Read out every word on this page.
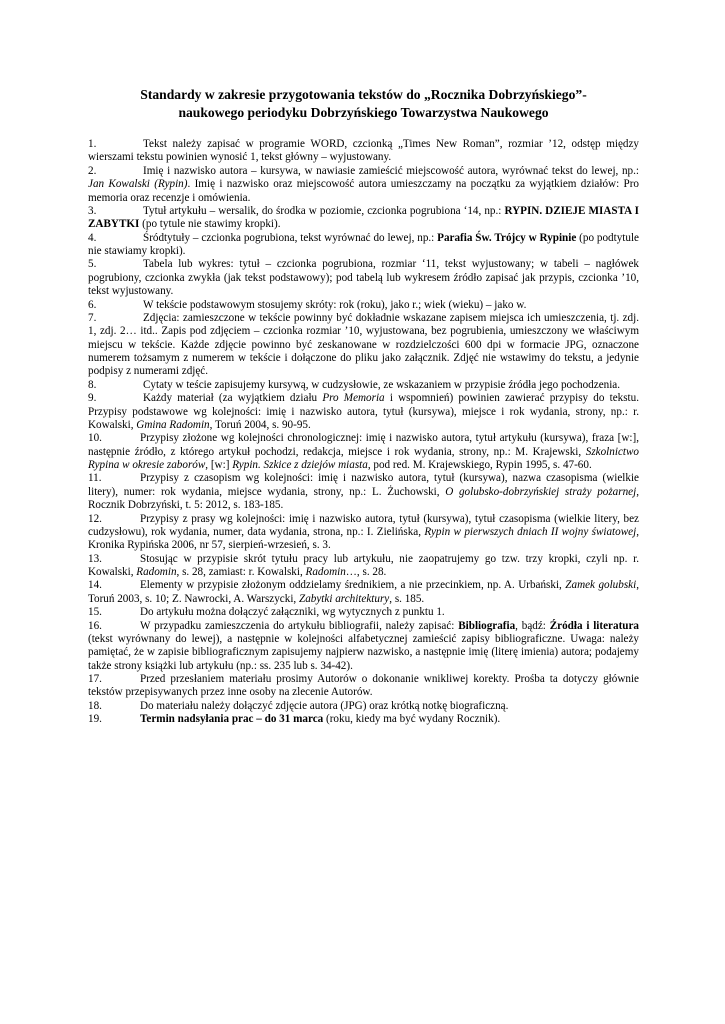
Standardy w zakresie przygotowania tekstów do „Rocznika Dobrzyńskiego”-
naukowego periodyku Dobrzyńskiego Towarzystwa Naukowego

1.	Tekst należy zapisać w programie WORD, czcionką „Times New Roman”, rozmiar ’12, odstęp między wierszami tekstu powinien wynosić 1, tekst główny – wyjustowany.

2.	Imię i nazwisko autora – kursywa, w nawiasie zamieścić miejscowość autora, wyrównać tekst do lewej, np.: Jan Kowalski (Rypin). Imię i nazwisko oraz miejscowość autora umieszczamy na początku za wyjątkiem działów: Pro memoria oraz recenzje i omówienia.

3.	Tytuł artykułu – wersalik, do środka w poziomie, czcionka pogrubiona ‘14, np.: RYPIN. DZIEJE MIASTA I ZABYTKI (po tytule nie stawimy kropki).

4.	Śródtytuły – czcionka pogrubiona, tekst wyrównać do lewej, np.: Parafia Św. Trójcy w Rypinie (po podtytule nie stawiamy kropki).

5.	Tabela lub wykres: tytuł – czcionka pogrubiona, rozmiar ‘11, tekst wyjustowany; w tabeli – nagłówek pogrubiony, czcionka zwykła (jak tekst podstawowy); pod tabelą lub wykresem źródło zapisać jak przypis, czcionka ’10, tekst wyjustowany.

6.	W tekście podstawowym stosujemy skróty: rok (roku), jako r.; wiek (wieku) – jako w.

7.	Zdjęcia: zamieszczone w tekście powinny być dokładnie wskazane zapisem miejsca ich umieszczenia, tj. zdj. 1, zdj. 2… itd.. Zapis pod zdjęciem – czcionka rozmiar ’10, wyjustowana, bez pogrubienia, umieszczony we właściwym miejscu w tekście. Każde zdjęcie powinno być zeskanowane w rozdzielczości 600 dpi w formacie JPG, oznaczone numerem tożsamym z numerem w tekście i dołączone do pliku jako załącznik. Zdjęć nie wstawimy do tekstu, a jedynie podpisy z numerami zdjęć.

8.	Cytaty w teście zapisujemy kursywą, w cudzysłowie, ze wskazaniem w przypisie źródła jego pochodzenia.

9.	Każdy materiał (za wyjątkiem działu Pro Memoria i wspomnień) powinien zawierać przypisy do tekstu. Przypisy podstawowe wg kolejności: imię i nazwisko autora, tytuł (kursywa), miejsce i rok wydania, strony, np.: r. Kowalski, Gmina Radomin, Toruń 2004, s. 90-95.

10.	Przypisy złożone wg kolejności chronologicznej: imię i nazwisko autora, tytuł artykułu (kursywa), fraza [w:], następnie źródło, z którego artykuł pochodzi, redakcja, miejsce i rok wydania, strony, np.: M. Krajewski, Szkolnictwo Rypina w okresie zaborów, [w:] Rypin. Szkice z dziejów miasta, pod red. M. Krajewskiego, Rypin 1995, s. 47-60.

11.	Przypisy z czasopism wg kolejności: imię i nazwisko autora, tytuł (kursywa), nazwa czasopisma (wielkie litery), numer: rok wydania, miejsce wydania, strony, np.: L. Żuchowski, O golubsko-dobrzyńskiej straży pożarnej, Rocznik Dobrzyński, t. 5: 2012, s. 183-185.

12.	Przypisy z prasy wg kolejności: imię i nazwisko autora, tytuł (kursywa), tytuł czasopisma (wielkie litery, bez cudzysłowu), rok wydania, numer, data wydania, strona, np.: I. Zielińska, Rypin w pierwszych dniach II wojny światowej, Kronika Rypińska 2006, nr 57, sierpień-wrzesień, s. 3.

13.	Stosując w przypisie skrót tytułu pracy lub artykułu, nie zaopatrujemy go tzw. trzy kropki, czyli np. r. Kowalski, Radomin, s. 28, zamiast: r. Kowalski, Radomin…, s. 28.

14.	Elementy w przypisie złożonym oddzielamy średnikiem, a nie przecinkiem, np. A. Urbański, Zamek golubski, Toruń 2003, s. 10; Z. Nawrocki, A. Warszycki, Zabytki architektury, s. 185.

15.	Do artykułu można dołączyć załączniki, wg wytycznych z punktu 1.

16.	W przypadku zamieszczenia do artykułu bibliografii, należy zapisać: Bibliografia, bądź: Źródła i literatura (tekst wyrównany do lewej), a następnie w kolejności alfabetycznej zamieścić zapisy bibliograficzne. Uwaga: należy pamiętać, że w zapisie bibliograficznym zapisujemy najpierw nazwisko, a następnie imię (literę imienia) autora; podajemy także strony książki lub artykułu (np.: ss. 235 lub s. 34-42).

17.	Przed przesłaniem materiału prosimy Autorów o dokonanie wnikliwej korekty. Prośba ta dotyczy głównie tekstów przepisywanych przez inne osoby na zlecenie Autorów.

18.	Do materiału należy dołączyć zdjęcie autora (JPG) oraz krótką notkę biograficzną.

19.	Termin nadsyłania prac – do 31 marca (roku, kiedy ma być wydany Rocznik).
